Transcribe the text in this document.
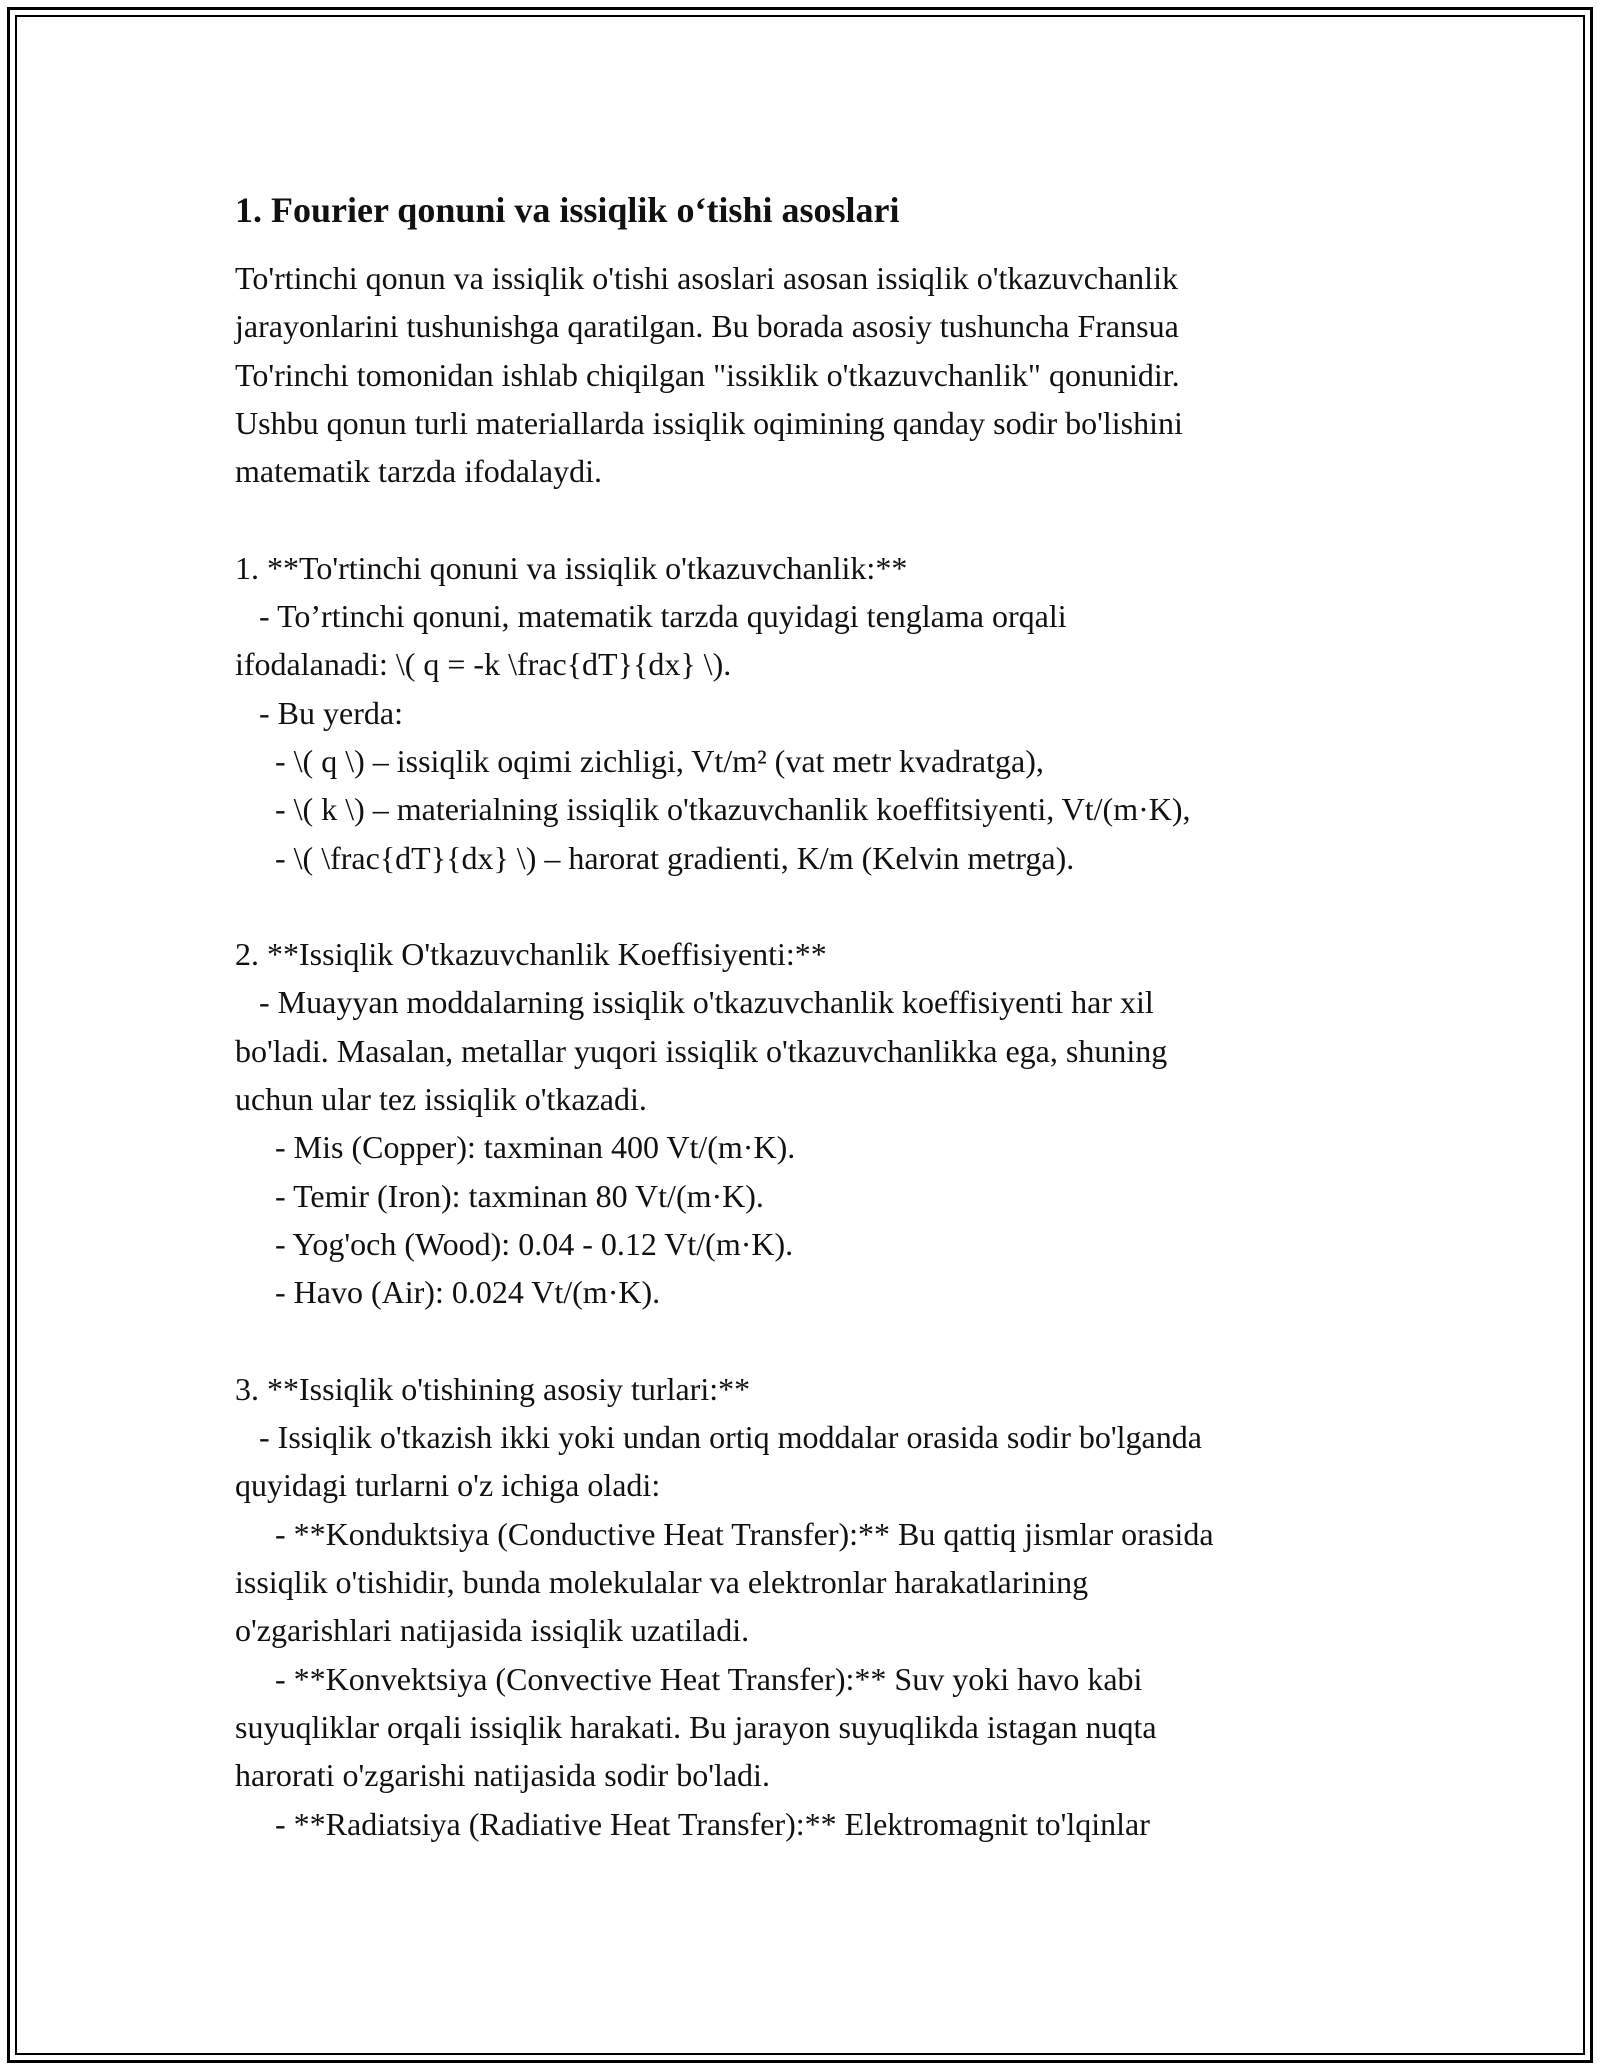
1. Fourier qonuni va issiqlik o‘tishi asoslari
To'rtinchi qonun va issiqlik o'tishi asoslari asosan issiqlik o'tkazuvchanlik
jarayonlarini tushunishga qaratilgan. Bu borada asosiy tushuncha Fransua
To'rinchi tomonidan ishlab chiqilgan "issiklik o'tkazuvchanlik" qonunidir.
Ushbu qonun turli materiallarda issiqlik oqimining qanday sodir bo'lishini
matematik tarzda ifodalaydi.
1. **To'rtinchi qonuni va issiqlik o'tkazuvchanlik:**
- To’rtinchi qonuni, matematik tarzda quyidagi tenglama orqali
ifodalanadi: \( q = -k \frac{dT}{dx} \).
- Bu yerda:
- \( q \) – issiqlik oqimi zichligi, Vt/m² (vat metr kvadratga),
- \( k \) – materialning issiqlik o'tkazuvchanlik koeffitsiyenti, Vt/(m·K),
- \( \frac{dT}{dx} \) – harorat gradienti, K/m (Kelvin metrga).
2. **Issiqlik O'tkazuvchanlik Koeffisiyenti:**
- Muayyan moddalarning issiqlik o'tkazuvchanlik koeffisiyenti har xil
bo'ladi. Masalan, metallar yuqori issiqlik o'tkazuvchanlikka ega, shuning
uchun ular tez issiqlik o'tkazadi.
- Mis (Copper): taxminan 400 Vt/(m·K).
- Temir (Iron): taxminan 80 Vt/(m·K).
- Yog'och (Wood): 0.04 - 0.12 Vt/(m·K).
- Havo (Air): 0.024 Vt/(m·K).
3. **Issiqlik o'tishining asosiy turlari:**
- Issiqlik o'tkazish ikki yoki undan ortiq moddalar orasida sodir bo'lganda
quyidagi turlarni o'z ichiga oladi:
- **Konduktsiya (Conductive Heat Transfer):** Bu qattiq jismlar orasida
issiqlik o'tishidir, bunda molekulalar va elektronlar harakatlarining
o'zgarishlari natijasida issiqlik uzatiladi.
- **Konvektsiya (Convective Heat Transfer):** Suv yoki havo kabi
suyuqliklar orqali issiqlik harakati. Bu jarayon suyuqlikda istagan nuqta
harorati o'zgarishi natijasida sodir bo'ladi.
- **Radiatsiya (Radiative Heat Transfer):** Elektromagnit to'lqinlar
